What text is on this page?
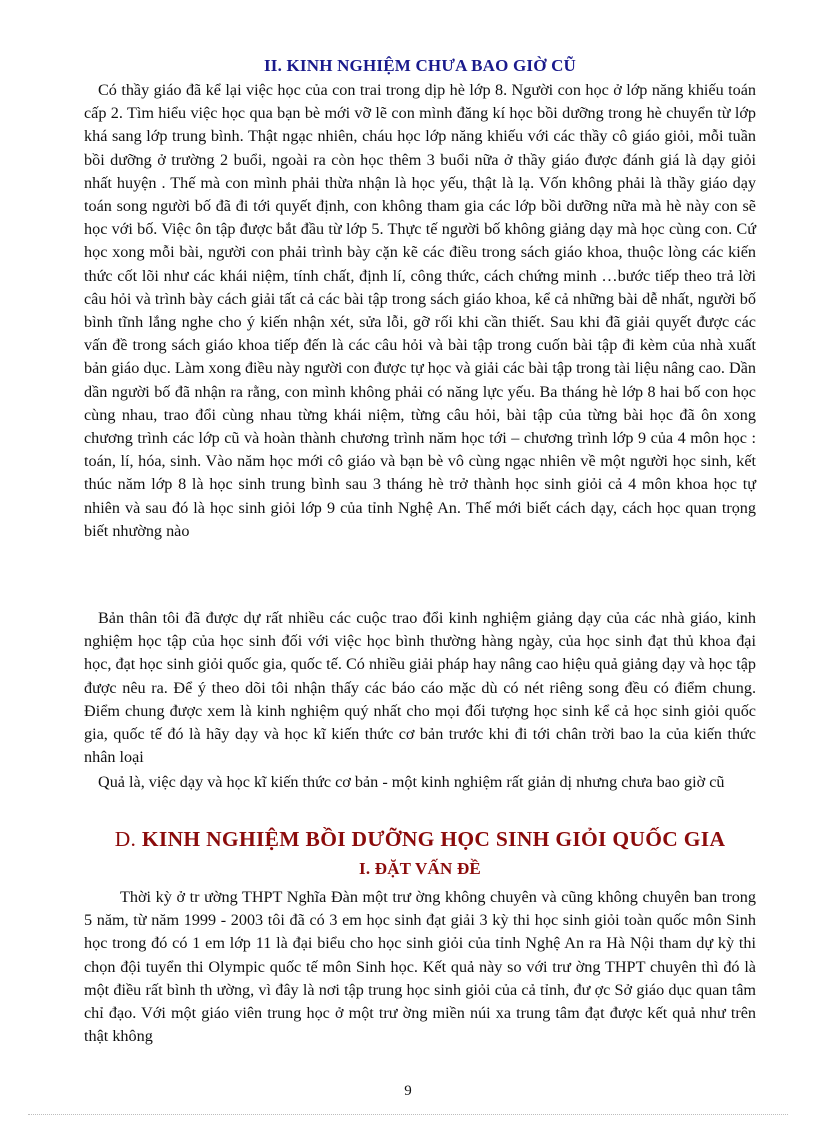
II. KINH NGHIỆM CHƯA BAO GIỜ CŨ

Có thầy giáo đã kể lại việc học của con trai trong dịp hè lớp 8. Người con học ở lớp năng khiếu toán cấp 2. Tìm hiểu việc học qua bạn bè mới vỡ lẽ con mình đăng kí học bồi dưỡng trong hè chuyển từ lớp khá sang lớp trung bình. Thật ngạc nhiên, cháu học lớp năng khiếu với các thầy cô giáo giỏi, mỗi tuần bồi dưỡng ở trường 2 buổi, ngoài ra còn học thêm 3 buổi nữa ở thầy giáo được đánh giá là dạy giỏi nhất huyện . Thế mà con mình phải thừa nhận là học yếu, thật là lạ. Vốn không phải là thầy giáo dạy toán song người bố đã đi tới quyết định, con không tham gia các lớp bồi dưỡng nữa mà hè này con sẽ học với bố. Việc ôn tập được bắt đầu từ lớp 5. Thực tế người bố không giảng dạy mà học cùng con. Cứ học xong mỗi bài, người con phải trình bày cặn kẽ các điều trong sách giáo khoa, thuộc lòng các kiến thức cốt lõi như các khái niệm, tính chất, định lí, công thức, cách chứng minh …bước tiếp theo trả lời câu hỏi và trình bày cách giải tất cả các bài tập trong sách giáo khoa, kể cả những bài dễ nhất, người bố bình tĩnh lắng nghe cho ý kiến nhận xét, sửa lỗi, gỡ rối khi cần thiết. Sau khi đã giải quyết được các vấn đề trong sách giáo khoa tiếp đến là các câu hỏi và bài tập trong cuốn bài tập đi kèm của nhà xuất bản giáo dục. Làm xong điều này người con được tự học và giải các bài tập trong tài liệu nâng cao. Dần dần người bố đã nhận ra rằng, con mình không phải có năng lực yếu. Ba tháng hè lớp 8 hai bố con học cùng nhau, trao đổi cùng nhau từng khái niệm, từng câu hỏi, bài tập của từng bài học đã ôn xong chương trình các lớp cũ và hoàn thành chương trình năm học tới – chương trình lớp 9 của 4 môn học : toán, lí, hóa, sinh. Vào năm học mới cô giáo và bạn bè vô cùng ngạc nhiên về một người học sinh, kết thúc năm lớp 8 là học sinh trung bình sau 3 tháng hè trở thành học sinh giỏi cả 4 môn khoa học tự nhiên và sau đó là học sinh giỏi lớp 9 của tỉnh Nghệ An. Thế mới biết cách dạy, cách học quan trọng biết nhường nào

Bản thân tôi đã được dự rất nhiều các cuộc trao đổi kinh nghiệm giảng dạy của các nhà giáo, kinh nghiệm học tập của học sinh đối với việc học bình thường hàng ngày, của học sinh đạt thủ khoa đại học, đạt học sinh giỏi quốc gia, quốc tế. Có nhiều giải pháp hay nâng cao hiệu quả giảng dạy và học tập được nêu ra. Để ý theo dõi tôi nhận thấy các báo cáo mặc dù có nét riêng song đều có điểm chung. Điểm chung được xem là kinh nghiệm quý nhất cho mọi đối tượng học sinh kể cả học sinh giỏi quốc gia, quốc tế đó là hãy dạy và học kĩ kiến thức cơ bản trước khi đi tới chân trời bao la của kiến thức nhân loại

Quả là, việc dạy và học kĩ kiến thức cơ bản - một kinh nghiệm rất giản dị nhưng chưa bao giờ cũ

D. KINH NGHIỆM BỒI DƯỠNG HỌC SINH GIỎI QUỐC GIA
I. ĐẶT VẤN ĐỀ

Thời kỳ ở tr ường THPT Nghĩa Đàn một trư ờng không chuyên và cũng không chuyên ban trong 5 năm, từ năm 1999 - 2003 tôi đã có 3 em học sinh đạt giải 3 kỳ thi học sinh giỏi toàn quốc môn Sinh học trong đó có 1 em lớp 11 là đại biểu cho học sinh giỏi của tỉnh Nghệ An ra Hà Nội tham dự kỳ thi chọn đội tuyển thi Olympic quốc tế môn Sinh học. Kết quả này so với trư ờng THPT chuyên thì đó là một điều rất bình th ường, vì đây là nơi tập trung học sinh giỏi của cả tỉnh, đư ợc Sở giáo dục quan tâm chỉ đạo. Với một giáo viên trung học ở một trư ờng miền núi xa trung tâm đạt được kết quả như trên thật không

9
